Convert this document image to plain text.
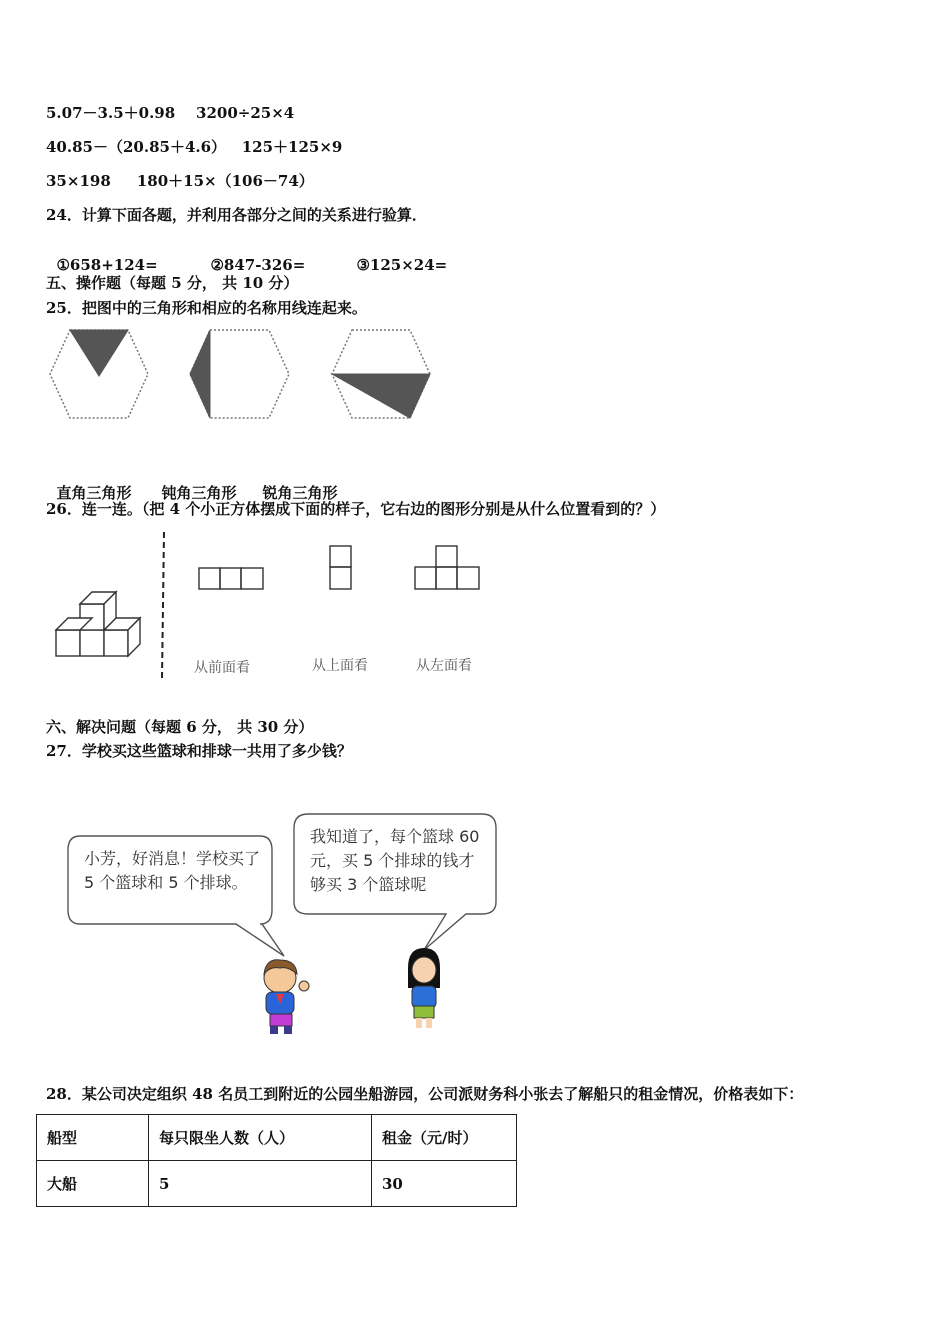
5.07－3.5＋0.98    3200÷25×4
40.85－（20.85＋4.6）   125＋125×9
35×198     180＋15×（106－74）
24．计算下面各题，并利用各部分之间的关系进行验算．

①658+124=	②847-326=	③125×24=

五、操作题（每题 5 分， 共 10 分）
25．把图中的三角形和相应的名称用线连起来。

直角三角形 钝角三角形 锐角三角形

26．连一连。（把 4 个小正方体摆成下面的样子，它右边的图形分别是从什么位置看到的？）
从前面看	从上面看	从左面看
六、解决问题（每题 6 分， 共 30 分）
27．学校买这些篮球和排球一共用了多少钱？
小芳，好消息！学校买了
5 个篮球和 5 个排球。
我知道了，每个篮球 60
元，买 5 个排球的钱才
够买 3 个篮球呢
28．某公司决定组织 48 名员工到附近的公园坐船游园，公司派财务科小张去了解船只的租金情况，价格表如下：
船型	每只限坐人数（人）	租金（元/时）
大船	5	30
